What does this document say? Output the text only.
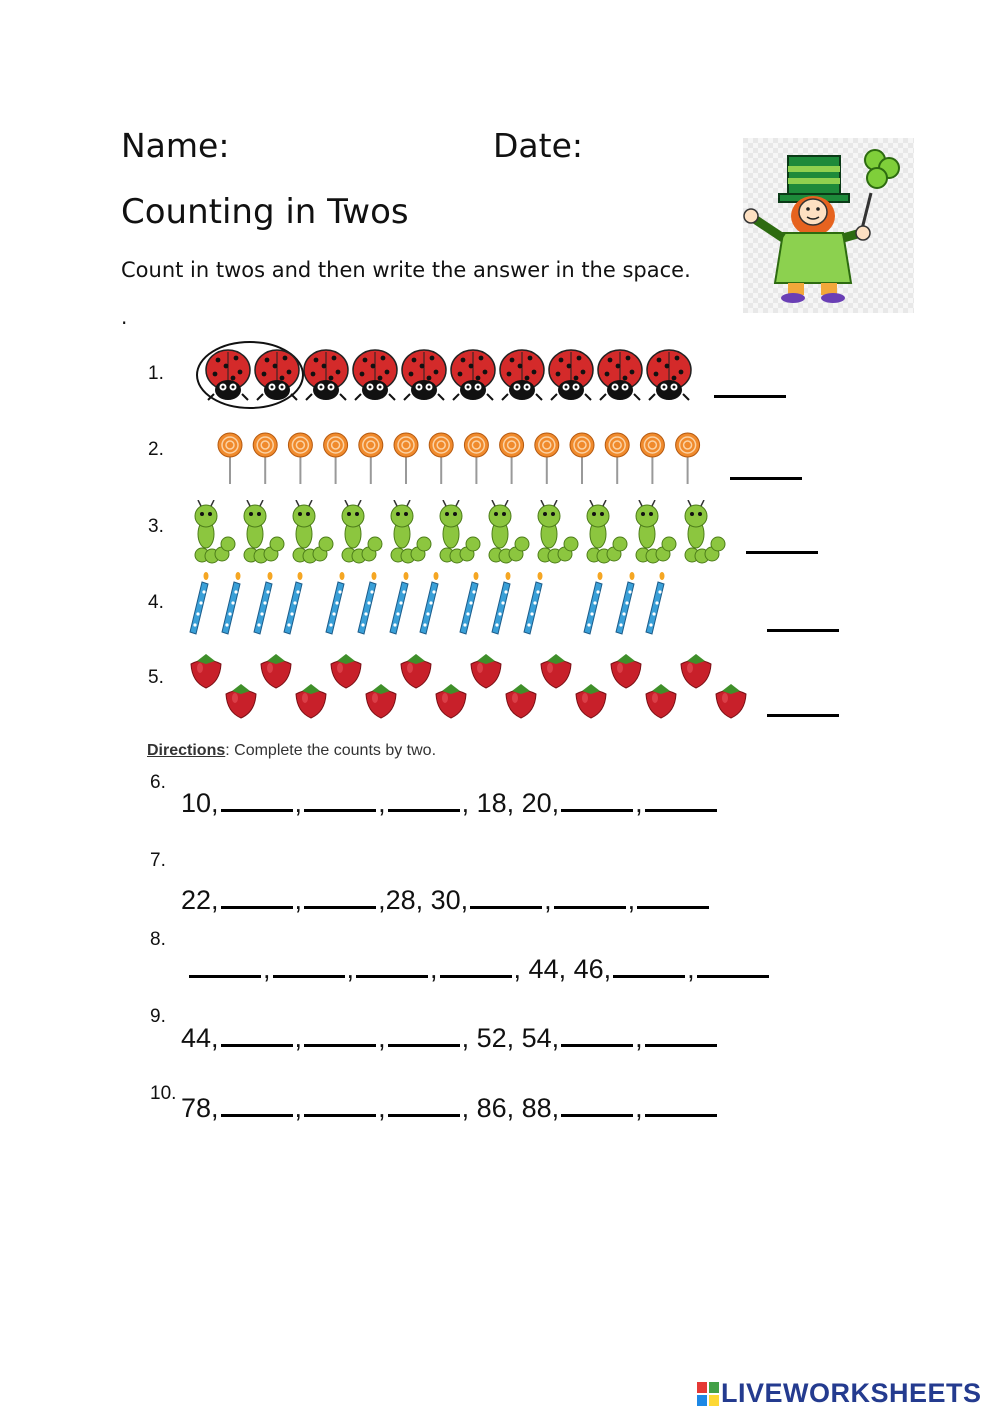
Name:	Date:
Counting in Twos
Count in twos and then write the answer in the space.
.
1.
2.
3.
4.
5.
Directions: Complete the counts by two.
6.
7.
8.
9.
10.
10,	,	,	, 18, 20,	,
22,	,	,28, 30,	,	,
,	,	,	, 44, 46,	,
44,	,	,	, 52, 54,	,
78,	,	,	, 86, 88,	,
LIVEWORKSHEETS
